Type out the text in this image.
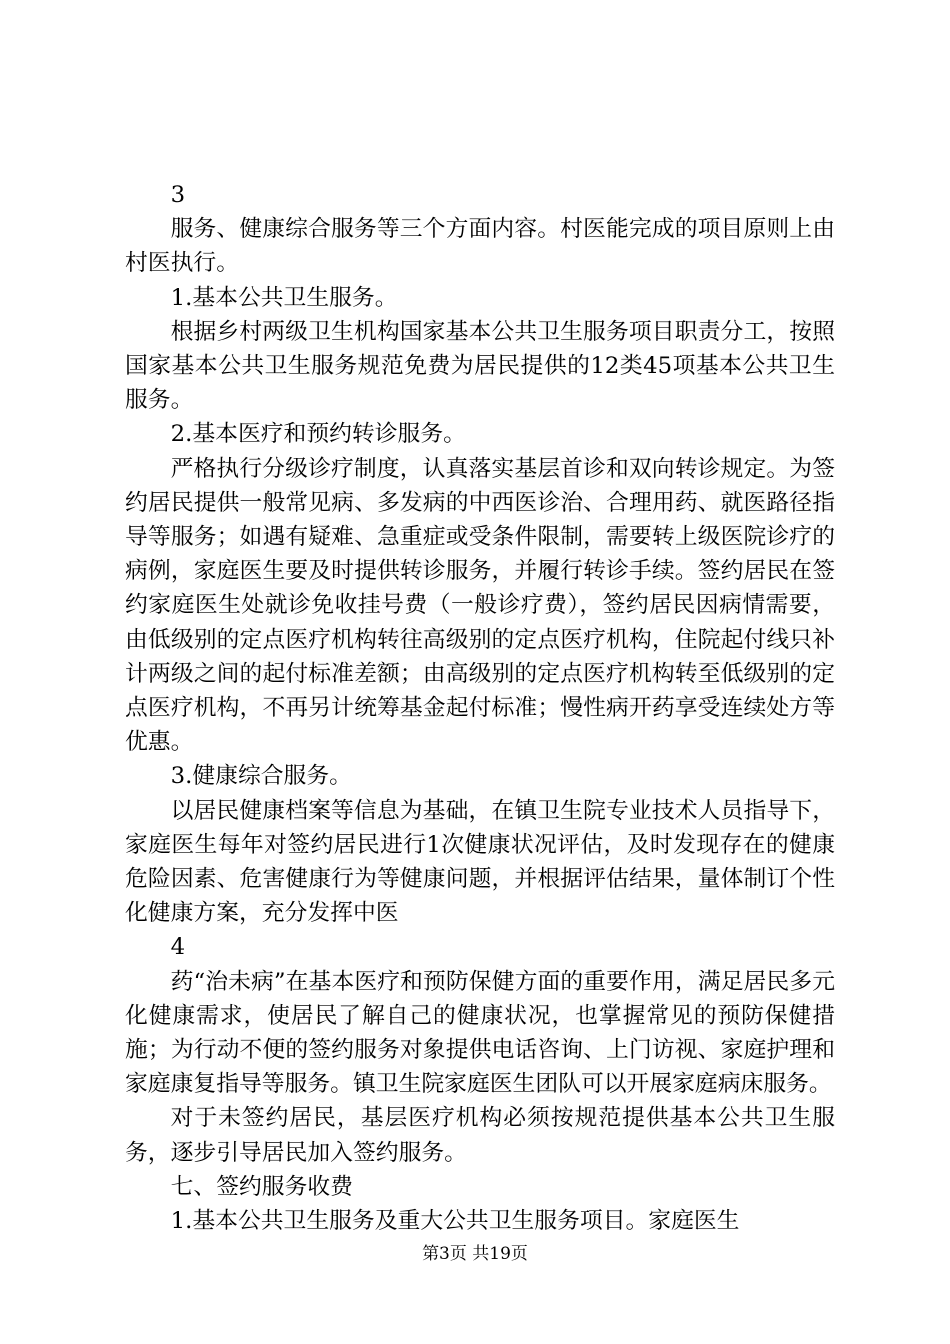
3

服务、健康综合服务等三个方面内容。村医能完成的项目原则上由村医执行。

1.基本公共卫生服务。

根据乡村两级卫生机构国家基本公共卫生服务项目职责分工，按照国家基本公共卫生服务规范免费为居民提供的12类45项基本公共卫生服务。

2.基本医疗和预约转诊服务。

严格执行分级诊疗制度，认真落实基层首诊和双向转诊规定。为签约居民提供一般常见病、多发病的中西医诊治、合理用药、就医路径指导等服务；如遇有疑难、急重症或受条件限制，需要转上级医院诊疗的病例，家庭医生要及时提供转诊服务，并履行转诊手续。签约居民在签约家庭医生处就诊免收挂号费（一般诊疗费），签约居民因病情需要，由低级别的定点医疗机构转往高级别的定点医疗机构，住院起付线只补计两级之间的起付标准差额；由高级别的定点医疗机构转至低级别的定点医疗机构，不再另计统筹基金起付标准；慢性病开药享受连续处方等优惠。

3.健康综合服务。

以居民健康档案等信息为基础，在镇卫生院专业技术人员指导下，家庭医生每年对签约居民进行1次健康状况评估，及时发现存在的健康危险因素、危害健康行为等健康问题，并根据评估结果，量体制订个性化健康方案，充分发挥中医

4

药“治未病”在基本医疗和预防保健方面的重要作用，满足居民多元化健康需求，使居民了解自己的健康状况，也掌握常见的预防保健措施；为行动不便的签约服务对象提供电话咨询、上门访视、家庭护理和家庭康复指导等服务。镇卫生院家庭医生团队可以开展家庭病床服务。

对于未签约居民，基层医疗机构必须按规范提供基本公共卫生服务，逐步引导居民加入签约服务。

七、签约服务收费

1.基本公共卫生服务及重大公共卫生服务项目。家庭医生

第3页 共19页
